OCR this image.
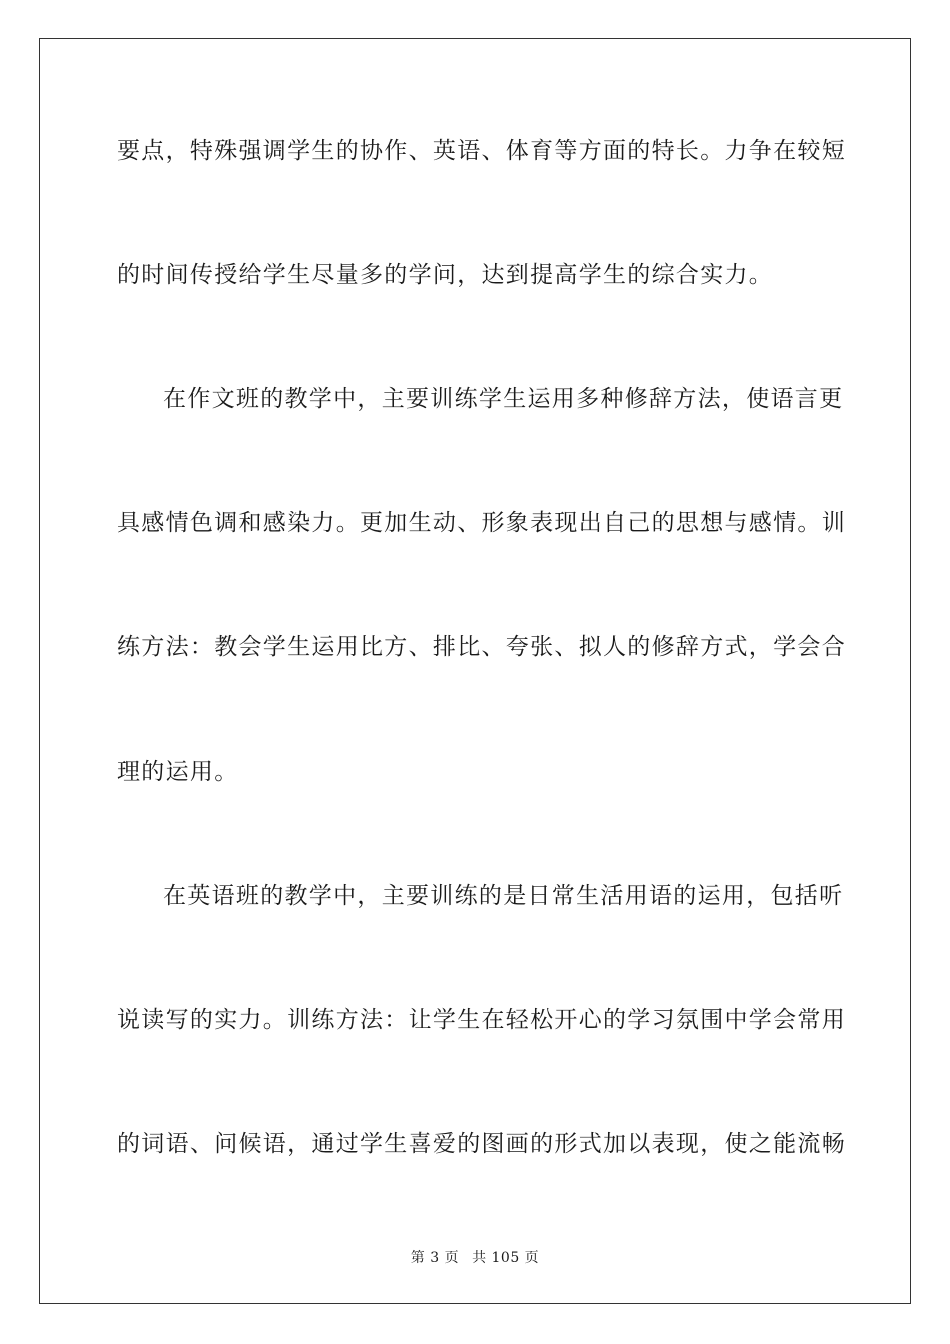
要点，特殊强调学生的协作、英语、体育等方面的特长。力争在较短
的时间传授给学生尽量多的学问，达到提高学生的综合实力。
在作文班的教学中，主要训练学生运用多种修辞方法，使语言更
具感情色调和感染力。更加生动、形象表现出自己的思想与感情。训
练方法：教会学生运用比方、排比、夸张、拟人的修辞方式，学会合
理的运用。
在英语班的教学中，主要训练的是日常生活用语的运用，包括听
说读写的实力。训练方法：让学生在轻松开心的学习氛围中学会常用
的词语、问候语，通过学生喜爱的图画的形式加以表现，使之能流畅
第 3 页 共 105 页
